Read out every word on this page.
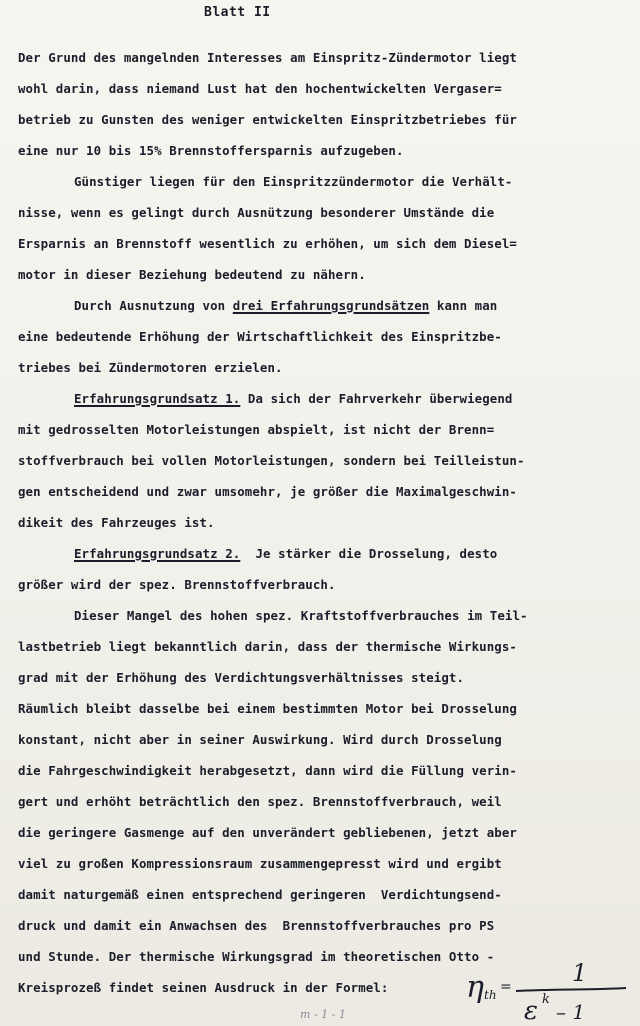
Blatt II
Der Grund des mangelnden Interesses am Einspritz-Zündermotor liegt
wohl darin, dass niemand Lust hat den hochentwickelten Vergaser=
betrieb zu Gunsten des weniger entwickelten Einspritzbetriebes für
eine nur 10 bis 15% Brennstoffersparnis aufzugeben.
Günstiger liegen für den Einspritzzündermotor die Verhält-
nisse, wenn es gelingt durch Ausnützung besonderer Umstände die
Ersparnis an Brennstoff wesentlich zu erhöhen, um sich dem Diesel=
motor in dieser Beziehung bedeutend zu nähern.
Durch Ausnutzung von drei Erfahrungsgrundsätzen kann man
eine bedeutende Erhöhung der Wirtschaftlichkeit des Einspritzbe-
triebes bei Zündermotoren erzielen.
Erfahrungsgrundsatz 1. Da sich der Fahrverkehr überwiegend
mit gedrosselten Motorleistungen abspielt, ist nicht der Brenn=
stoffverbrauch bei vollen Motorleistungen, sondern bei Teilleistun-
gen entscheidend und zwar umsomehr, je größer die Maximalgeschwin-
dikeit des Fahrzeuges ist.
Erfahrungsgrundsatz 2.  Je stärker die Drosselung, desto
größer wird der spez. Brennstoffverbrauch.
Dieser Mangel des hohen spez. Kraftstoffverbrauches im Teil-
lastbetrieb liegt bekanntlich darin, dass der thermische Wirkungs-
grad mit der Erhöhung des Verdichtungsverhältnisses steigt.
Räumlich bleibt dasselbe bei einem bestimmten Motor bei Drosselung
konstant, nicht aber in seiner Auswirkung. Wird durch Drosselung
die Fahrgeschwindigkeit herabgesetzt, dann wird die Füllung verin-
gert und erhöht beträchtlich den spez. Brennstoffverbrauch, weil
die geringere Gasmenge auf den unverändert gebliebenen, jetzt aber
viel zu großen Kompressionsraum zusammengepresst wird und ergibt
damit naturgemäß einen entsprechend geringeren  Verdichtungsend-
druck und damit ein Anwachsen des  Brennstoffverbrauches pro PS
und Stunde. Der thermische Wirkungsgrad im theoretischen Otto -
Kreisprozeß findet seinen Ausdruck in der Formel:	η th =	1
ε k
– 1
m - 1 - 1
